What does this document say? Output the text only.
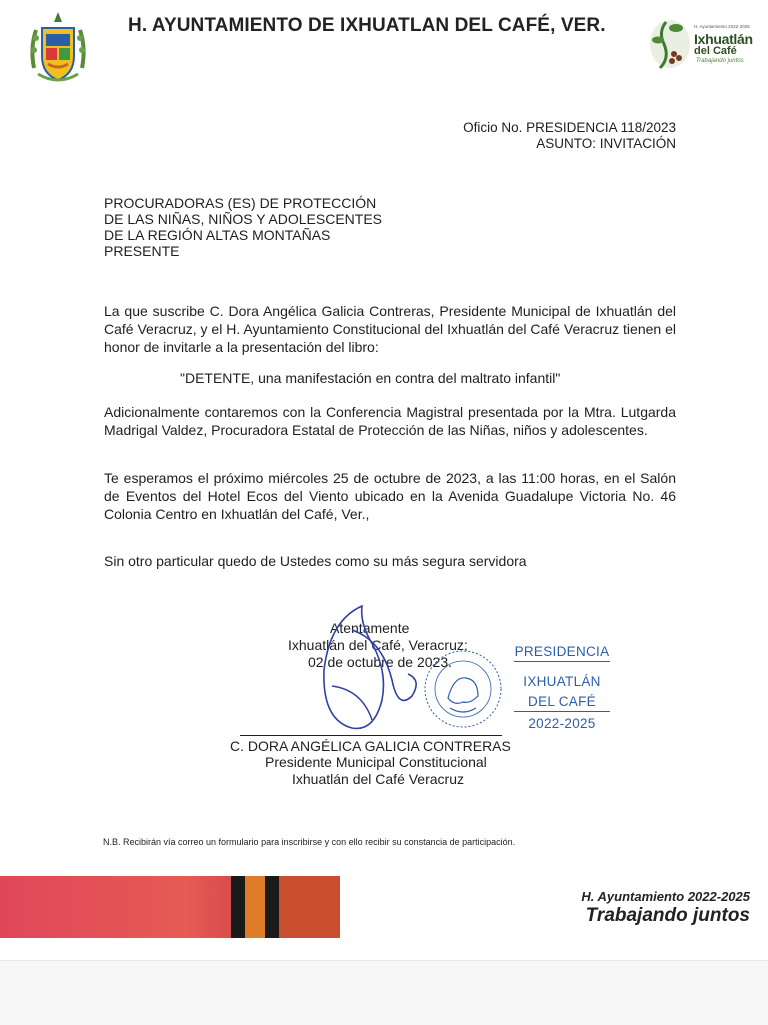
H. AYUNTAMIENTO DE IXHUATLAN DEL CAFÉ, VER.	H. Ayuntamiento 2022-2025
Ixhuatlán
del Café
Trabajando juntos
Oficio No. PRESIDENCIA 118/2023
ASUNTO: INVITACIÓN
PROCURADORAS (ES) DE PROTECCIÓN
DE LAS NIÑAS, NIÑOS Y ADOLESCENTES
DE LA REGIÓN ALTAS MONTAÑAS
PRESENTE
La que suscribe C. Dora Angélica Galicia Contreras, Presidente Municipal de Ixhuatlán del Café Veracruz, y el H. Ayuntamiento Constitucional del Ixhuatlán del Café Veracruz tienen el honor de invitarle a la presentación del libro:
"DETENTE, una manifestación en contra del maltrato infantil"
Adicionalmente contaremos con la Conferencia Magistral presentada por la Mtra. Lutgarda Madrigal Valdez, Procuradora Estatal de Protección de las Niñas, niños y adolescentes.
Te esperamos el próximo miércoles 25 de octubre de 2023, a las 11:00 horas, en el Salón de Eventos del Hotel Ecos del Viento ubicado en la Avenida Guadalupe Victoria No. 46 Colonia Centro en Ixhuatlán del Café, Ver.,
Sin otro particular quedo de Ustedes como su más segura servidora
Atentamente
Ixhuatlán del Café, Veracruz;
02 de octubre de 2023.
PRESIDENCIA
IXHUATLÁN
DEL CAFÉ
2022-2025
C. DORA ANGÉLICA GALICIA CONTRERAS
Presidente Municipal Constitucional
Ixhuatlán del Café Veracruz
N.B. Recibirán vía correo un formulario para inscribirse y con ello recibir su constancia de participación.
H. Ayuntamiento 2022-2025
Trabajando juntos
